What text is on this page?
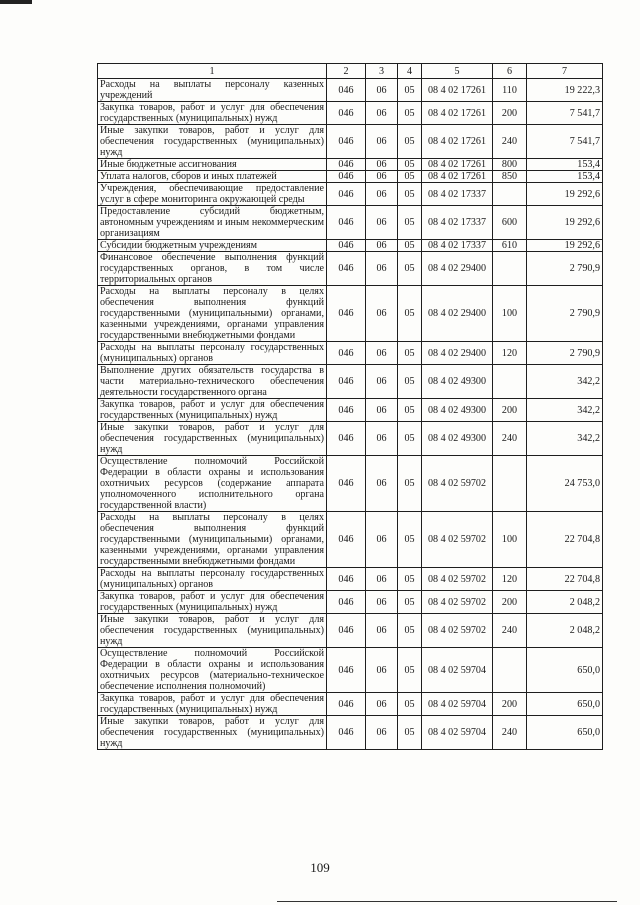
1	2	3	4	5	6	7
Расходы на выплаты персоналу казенных учреждений	046	06	05	08 4 02 17261	110	19 222,3
Закупка товаров, работ и услуг для обеспечения государственных (муниципальных) нужд	046	06	05	08 4 02 17261	200	7 541,7
Иные закупки товаров, работ и услуг для обеспечения государственных (муниципальных) нужд	046	06	05	08 4 02 17261	240	7 541,7
Иные бюджетные ассигнования	046	06	05	08 4 02 17261	800	153,4
Уплата налогов, сборов и иных платежей	046	06	05	08 4 02 17261	850	153,4
Учреждения, обеспечивающие предоставление услуг в сфере мониторинга окружающей среды	046	06	05	08 4 02 17337		19 292,6
Предоставление субсидий бюджетным, автономным учреждениям и иным некоммерческим организациям	046	06	05	08 4 02 17337	600	19 292,6
Субсидии бюджетным учреждениям	046	06	05	08 4 02 17337	610	19 292,6
Финансовое обеспечение выполнения функций государственных органов, в том числе территориальных органов	046	06	05	08 4 02 29400		2 790,9
Расходы на выплаты персоналу в целях обеспечения выполнения функций государственными (муниципальными) органами, казенными учреждениями, органами управления государственными внебюджетными фондами	046	06	05	08 4 02 29400	100	2 790,9
Расходы на выплаты персоналу государственных (муниципальных) органов	046	06	05	08 4 02 29400	120	2 790,9
Выполнение других обязательств государства в части материально-технического обеспечения деятельности государственного органа	046	06	05	08 4 02 49300		342,2
Закупка товаров, работ и услуг для обеспечения государственных (муниципальных) нужд	046	06	05	08 4 02 49300	200	342,2
Иные закупки товаров, работ и услуг для обеспечения государственных (муниципальных) нужд	046	06	05	08 4 02 49300	240	342,2
Осуществление полномочий Российской Федерации в области охраны и использования охотничьих ресурсов (содержание аппарата уполномоченного исполнительного органа государственной власти)	046	06	05	08 4 02 59702		24 753,0
Расходы на выплаты персоналу в целях обеспечения выполнения функций государственными (муниципальными) органами, казенными учреждениями, органами управления государственными внебюджетными фондами	046	06	05	08 4 02 59702	100	22 704,8
Расходы на выплаты персоналу государственных (муниципальных) органов	046	06	05	08 4 02 59702	120	22 704,8
Закупка товаров, работ и услуг для обеспечения государственных (муниципальных) нужд	046	06	05	08 4 02 59702	200	2 048,2
Иные закупки товаров, работ и услуг для обеспечения государственных (муниципальных) нужд	046	06	05	08 4 02 59702	240	2 048,2
Осуществление полномочий Российской Федерации в области охраны и использования охотничьих ресурсов (материально-техническое обеспечение исполнения полномочий)	046	06	05	08 4 02 59704		650,0
Закупка товаров, работ и услуг для обеспечения государственных (муниципальных) нужд	046	06	05	08 4 02 59704	200	650,0
Иные закупки товаров, работ и услуг для обеспечения государственных (муниципальных) нужд	046	06	05	08 4 02 59704	240	650,0
109
